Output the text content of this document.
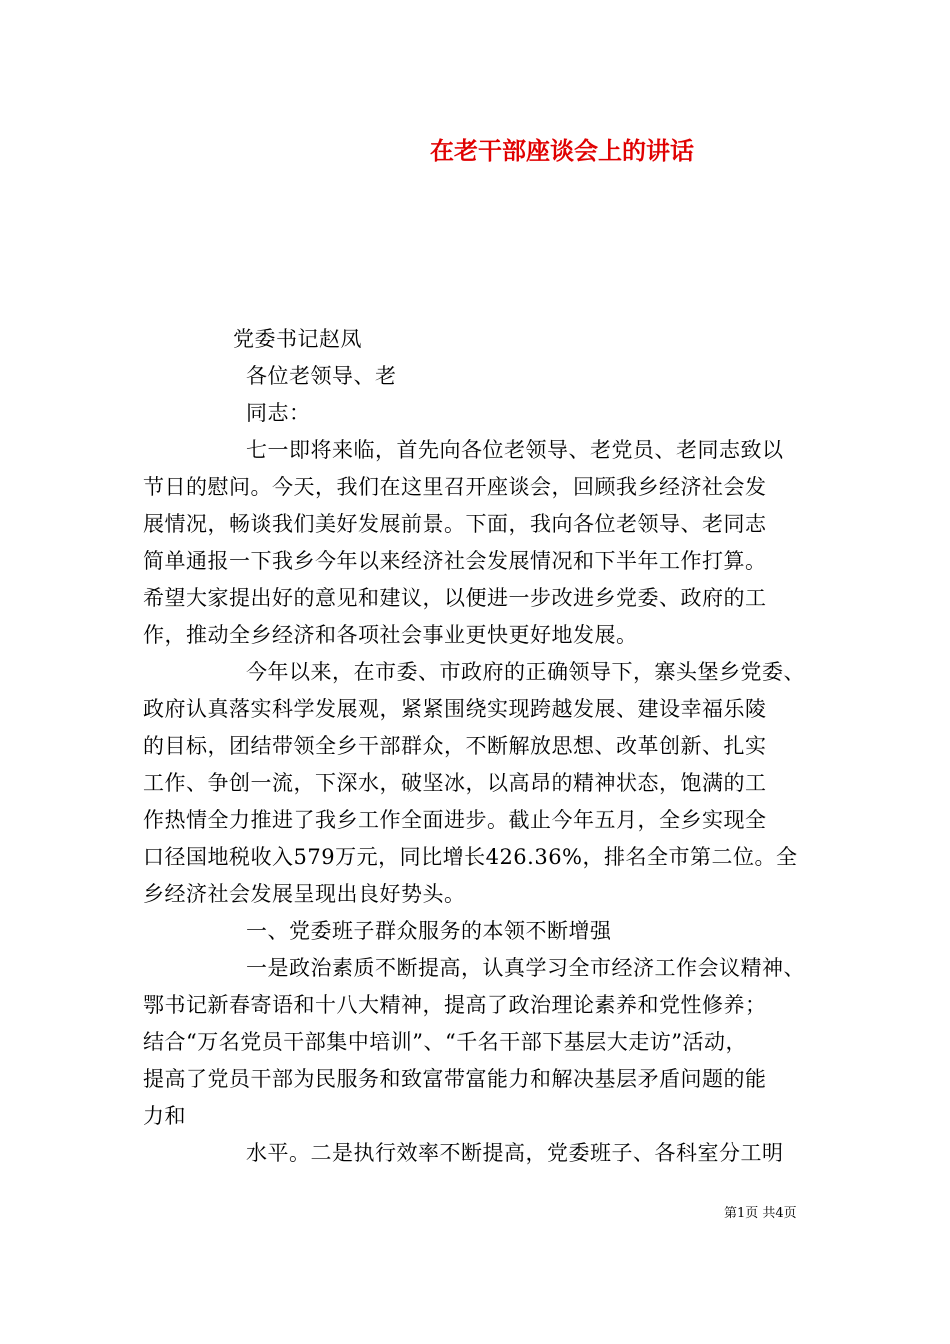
在老干部座谈会上的讲话
党委书记赵凤
各位老领导、老
同志：
七一即将来临，首先向各位老领导、老党员、老同志致以
节日的慰问。今天，我们在这里召开座谈会，回顾我乡经济社会发
展情况，畅谈我们美好发展前景。下面，我向各位老领导、老同志
简单通报一下我乡今年以来经济社会发展情况和下半年工作打算。
希望大家提出好的意见和建议，以便进一步改进乡党委、政府的工
作，推动全乡经济和各项社会事业更快更好地发展。
今年以来，在市委、市政府的正确领导下，寨头堡乡党委、
政府认真落实科学发展观，紧紧围绕实现跨越发展、建设幸福乐陵
的目标，团结带领全乡干部群众，不断解放思想、改革创新、扎实
工作、争创一流，下深水，破坚冰，以高昂的精神状态，饱满的工
作热情全力推进了我乡工作全面进步。截止今年五月，全乡实现全
口径国地税收入579万元，同比增长426.36%，排名全市第二位。全
乡经济社会发展呈现出良好势头。
一、党委班子群众服务的本领不断增强
一是政治素质不断提高，认真学习全市经济工作会议精神、
鄂书记新春寄语和十八大精神，提高了政治理论素养和党性修养；
结合“万名党员干部集中培训”、“千名干部下基层大走访”活动，
提高了党员干部为民服务和致富带富能力和解决基层矛盾问题的能
力和
水平。二是执行效率不断提高，党委班子、各科室分工明
第1页 共4页
